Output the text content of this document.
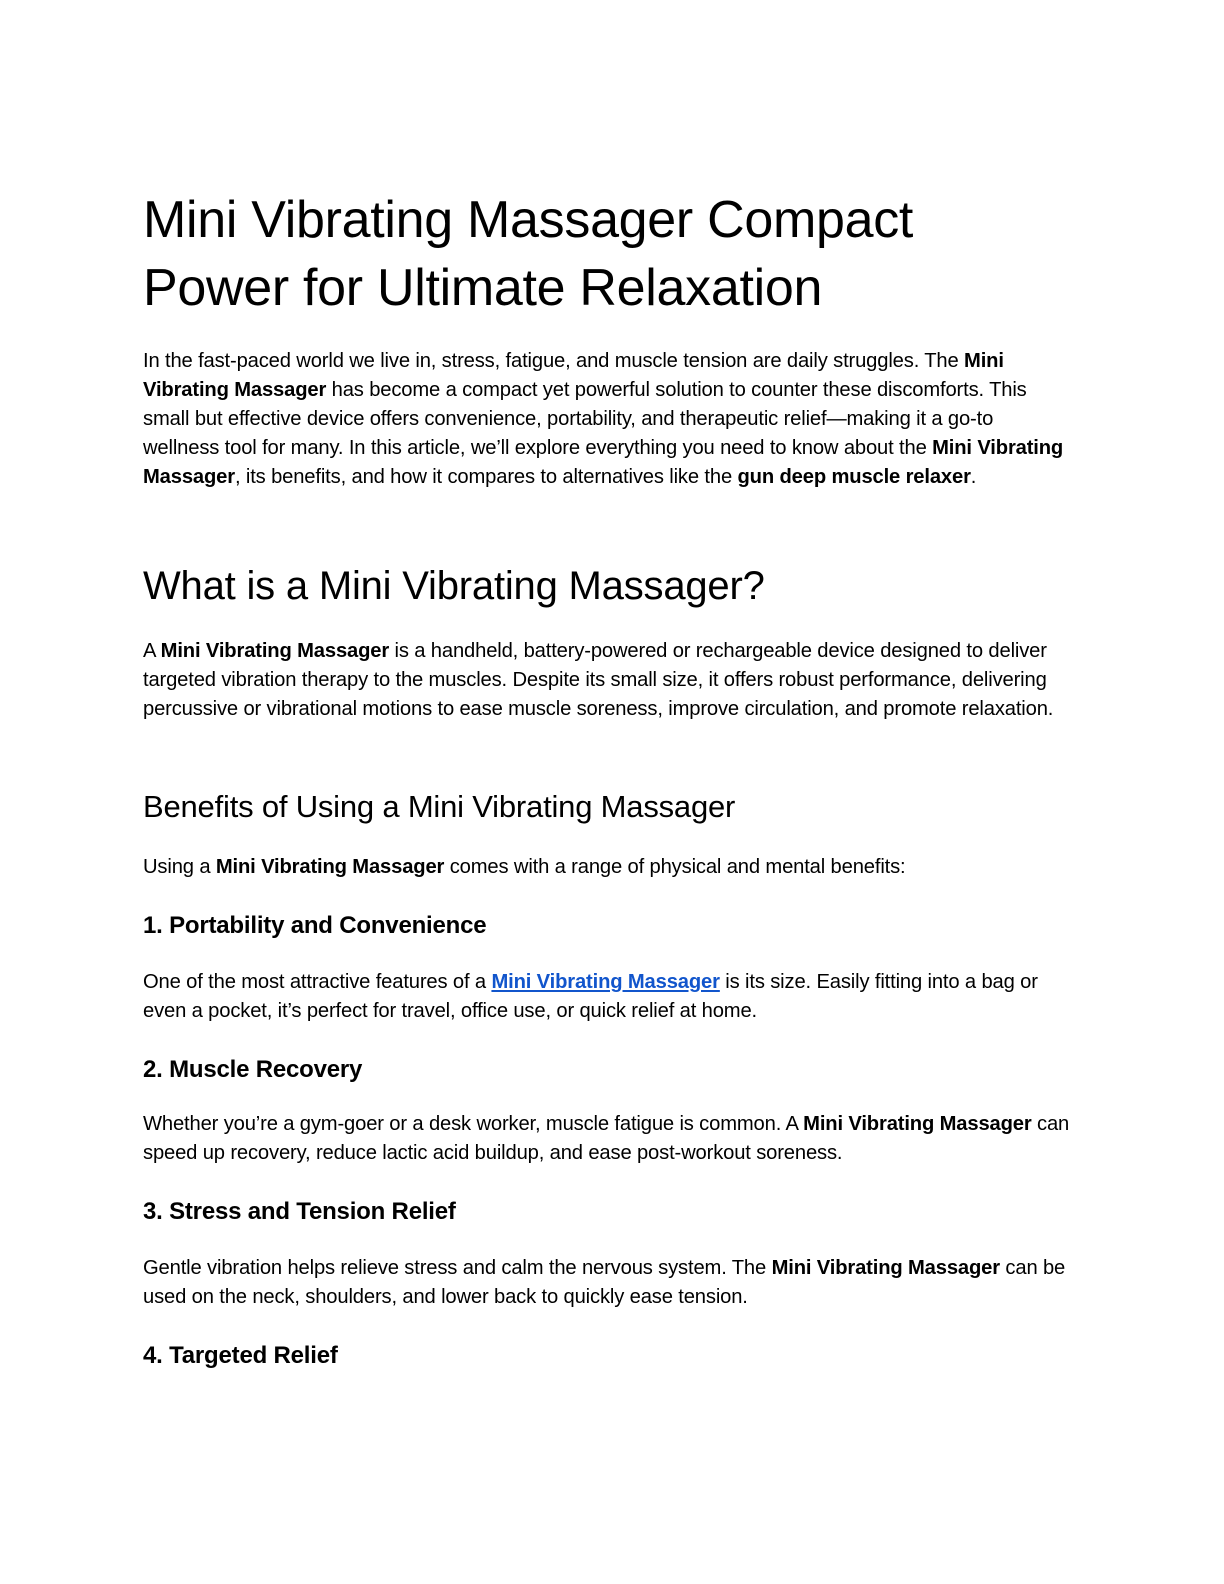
Mini Vibrating Massager Compact
Power for Ultimate Relaxation

In the fast-paced world we live in, stress, fatigue, and muscle tension are daily struggles. The Mini Vibrating Massager has become a compact yet powerful solution to counter these discomforts. This small but effective device offers convenience, portability, and therapeutic relief—making it a go-to wellness tool for many. In this article, we’ll explore everything you need to know about the Mini Vibrating Massager, its benefits, and how it compares to alternatives like the gun deep muscle relaxer.

What is a Mini Vibrating Massager?

A Mini Vibrating Massager is a handheld, battery-powered or rechargeable device designed to deliver targeted vibration therapy to the muscles. Despite its small size, it offers robust performance, delivering percussive or vibrational motions to ease muscle soreness, improve circulation, and promote relaxation.

Benefits of Using a Mini Vibrating Massager

Using a Mini Vibrating Massager comes with a range of physical and mental benefits:

1. Portability and Convenience

One of the most attractive features of a Mini Vibrating Massager is its size. Easily fitting into a bag or even a pocket, it’s perfect for travel, office use, or quick relief at home.

2. Muscle Recovery

Whether you’re a gym-goer or a desk worker, muscle fatigue is common. A Mini Vibrating Massager can speed up recovery, reduce lactic acid buildup, and ease post-workout soreness.

3. Stress and Tension Relief

Gentle vibration helps relieve stress and calm the nervous system. The Mini Vibrating Massager can be used on the neck, shoulders, and lower back to quickly ease tension.

4. Targeted Relief
